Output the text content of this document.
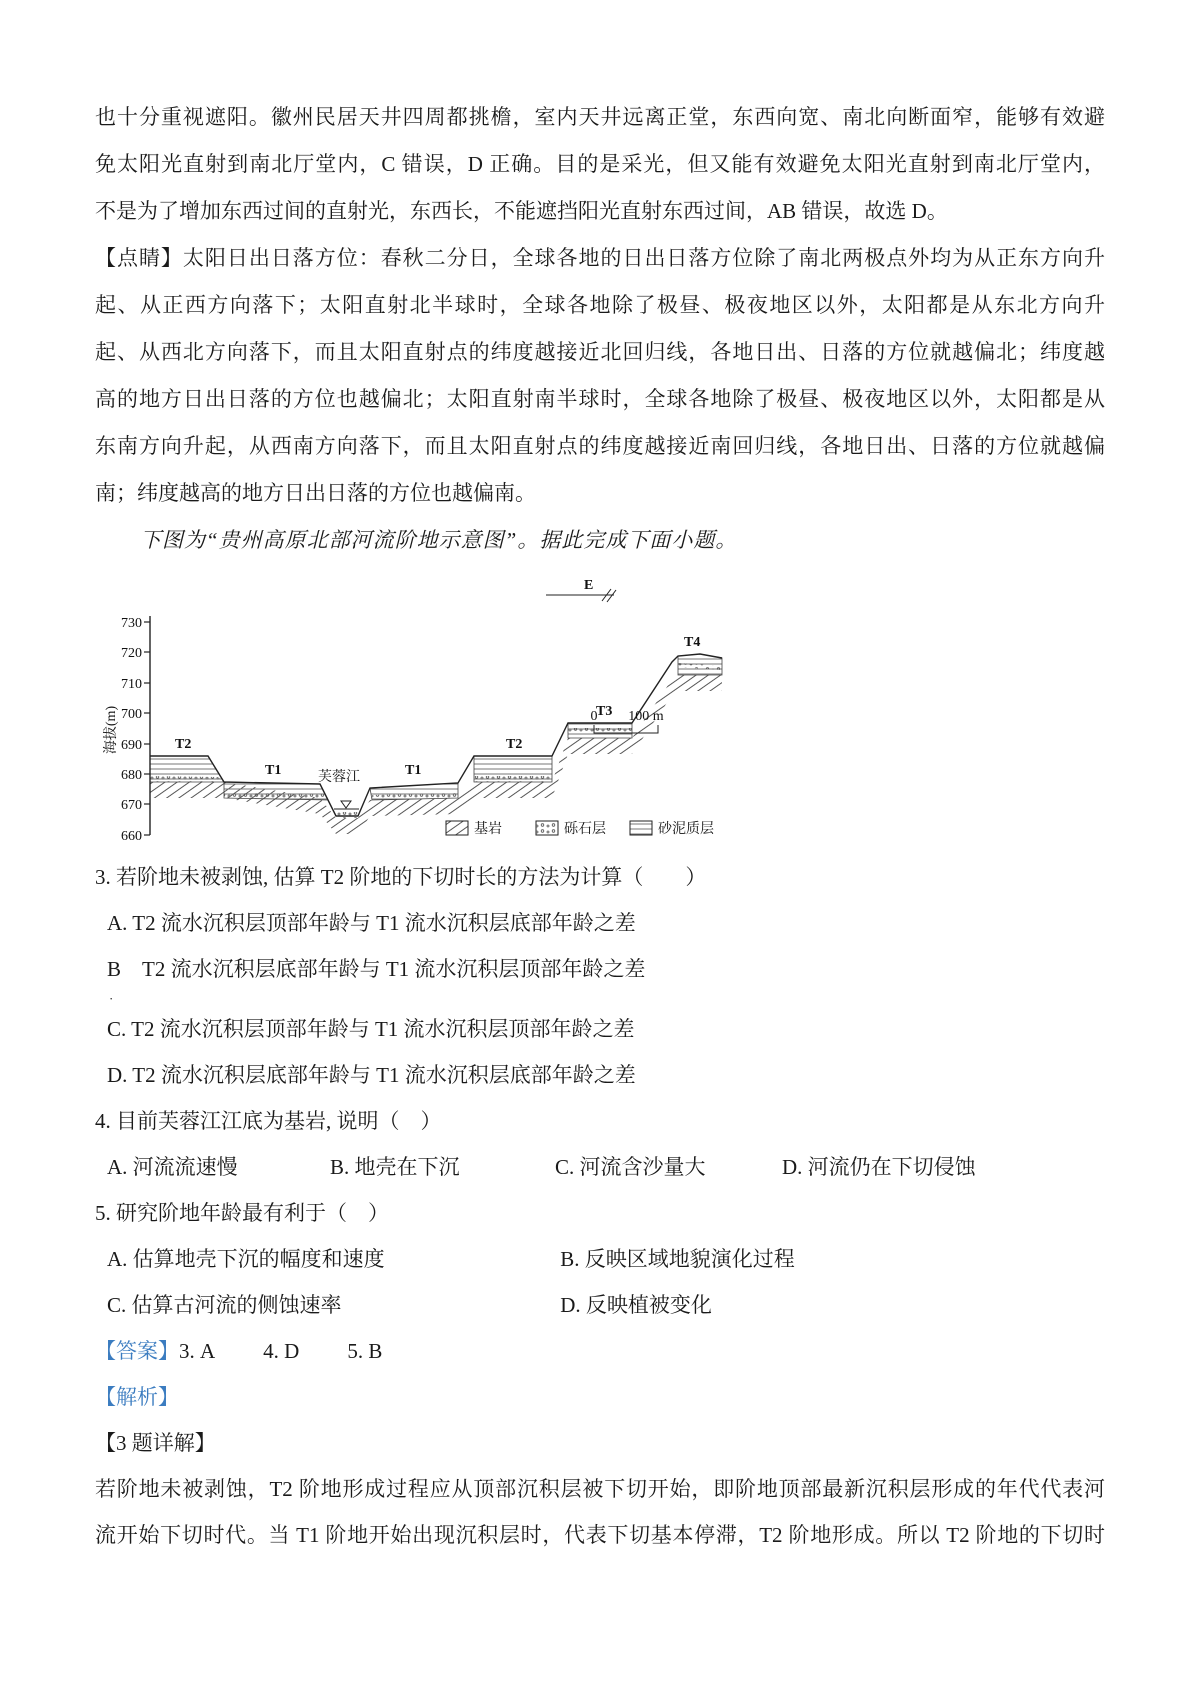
也十分重视遮阳。徽州民居天井四周都挑檐，室内天井远离正堂，东西向宽、南北向断面窄，能够有效避
免太阳光直射到南北厅堂内，C 错误，D 正确。目的是采光，但又能有效避免太阳光直射到南北厅堂内，
不是为了增加东西过间的直射光，东西长，不能遮挡阳光直射东西过间，AB 错误，故选 D。
【点睛】太阳日出日落方位：春秋二分日，全球各地的日出日落方位除了南北两极点外均为从正东方向升
起、从正西方向落下；太阳直射北半球时，全球各地除了极昼、极夜地区以外，太阳都是从东北方向升
起、从西北方向落下，而且太阳直射点的纬度越接近北回归线，各地日出、日落的方位就越偏北；纬度越
高的地方日出日落的方位也越偏北；太阳直射南半球时，全球各地除了极昼、极夜地区以外，太阳都是从
东南方向升起，从西南方向落下，而且太阳直射点的纬度越接近南回归线，各地日出、日落的方位就越偏
南；纬度越高的地方日出日落的方位也越偏南。
下图为“贵州高原北部河流阶地示意图”。据此完成下面小题。
730
720
710
700
690
680
670
660
海拔(m)	T2
T1	T1
T2
T3
T4
芙蓉江
E
0 100 m
基岩	砾石层	砂泥质层
3. 若阶地未被剥蚀, 估算 T2 阶地的下切时长的方法为计算（　　）
A. T2 流水沉积层顶部年龄与 T1 流水沉积层底部年龄之差
B　T2 流水沉积层底部年龄与 T1 流水沉积层顶部年龄之差
·
C. T2 流水沉积层顶部年龄与 T1 流水沉积层顶部年龄之差
D. T2 流水沉积层底部年龄与 T1 流水沉积层底部年龄之差
4. 目前芙蓉江江底为基岩, 说明（　）
A. 河流流速慢	B. 地壳在下沉	C. 河流含沙量大	D. 河流仍在下切侵蚀
5. 研究阶地年龄最有利于（　）
A. 估算地壳下沉的幅度和速度	B. 反映区域地貌演化过程
C. 估算古河流的侧蚀速率	D. 反映植被变化
【答案】3. A 4. D 5. B
【解析】
【3 题详解】
若阶地未被剥蚀，T2 阶地形成过程应从顶部沉积层被下切开始，即阶地顶部最新沉积层形成的年代代表河
流开始下切时代。当 T1 阶地开始出现沉积层时，代表下切基本停滞，T2 阶地形成。所以 T2 阶地的下切时
